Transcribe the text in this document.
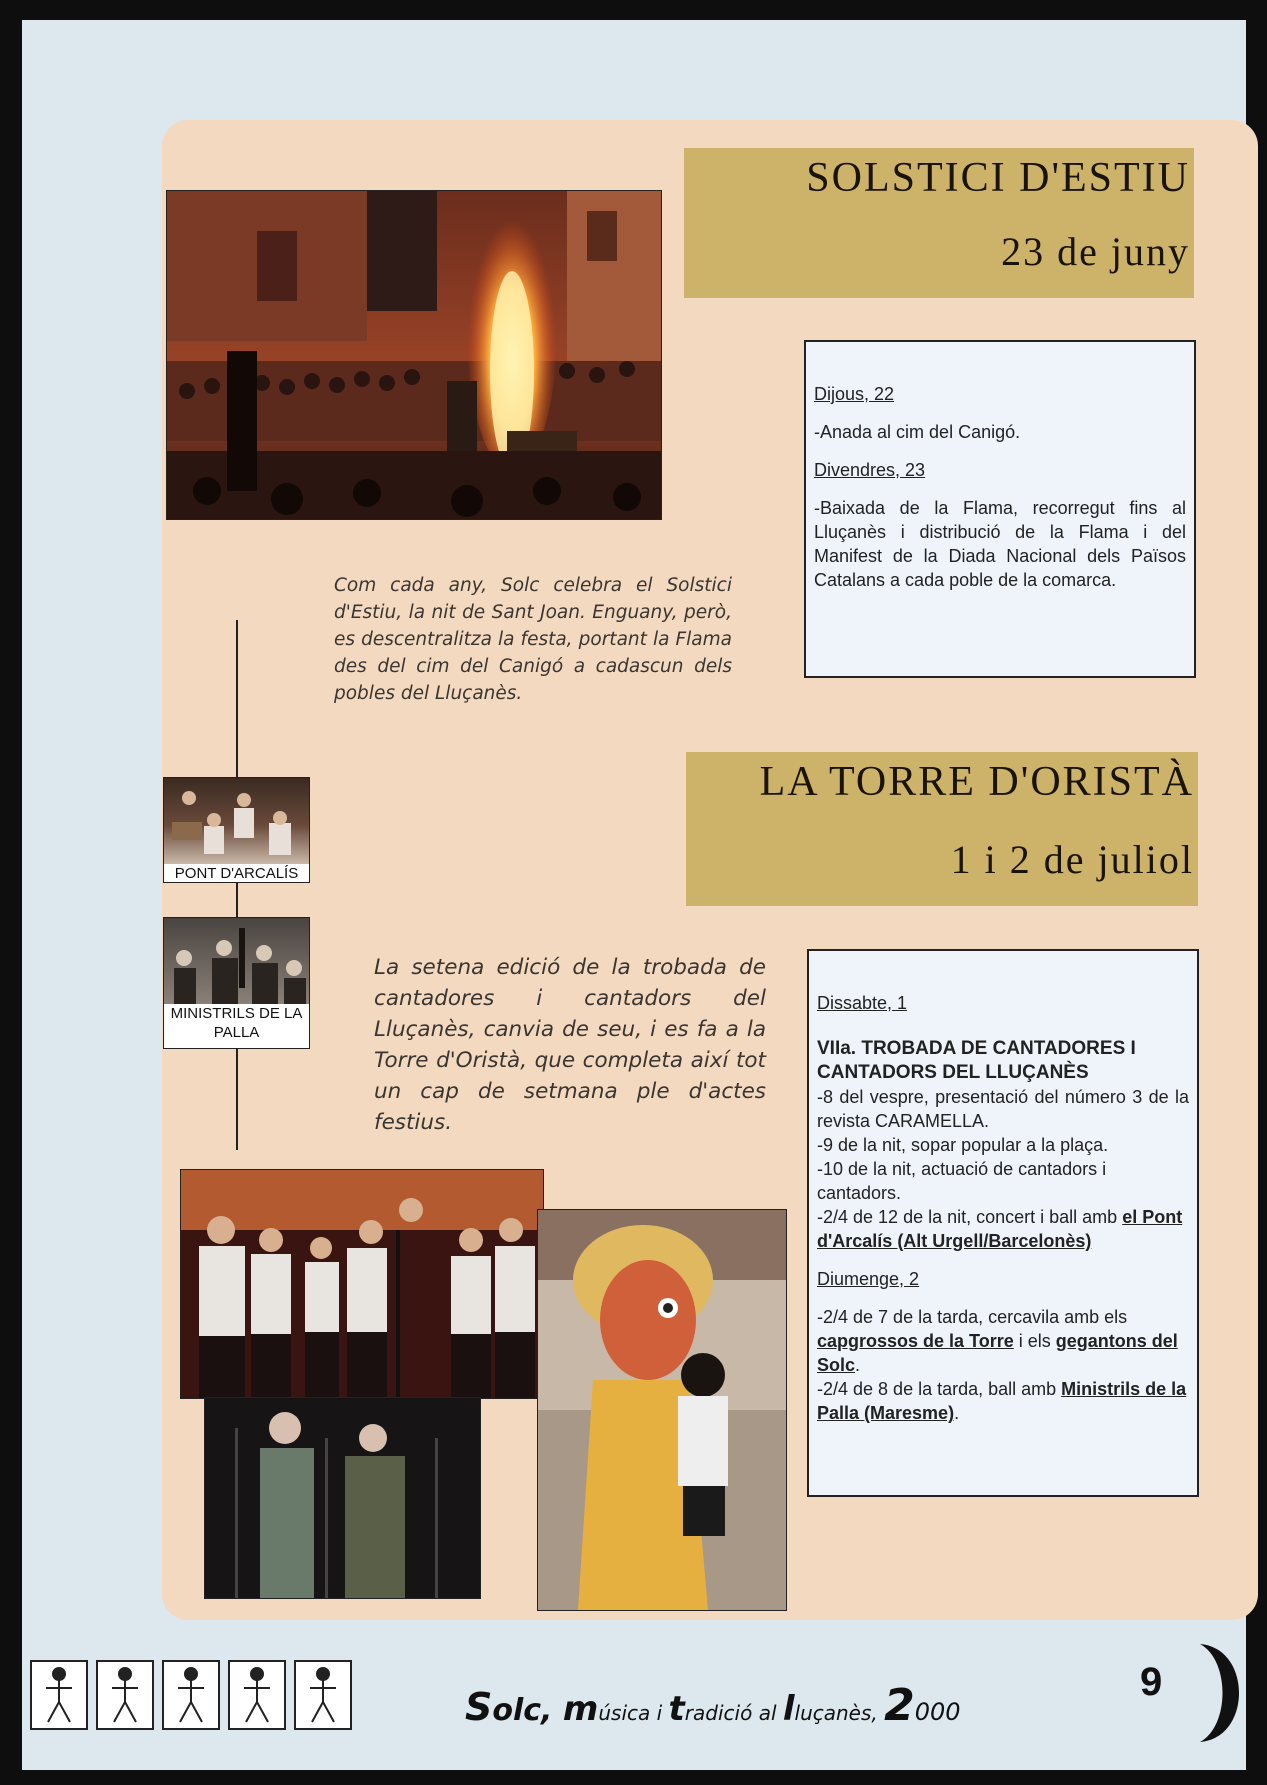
SOLSTICI D'ESTIU
23 de juny

Dijous, 22

-Anada al cim del Canigó.

Divendres, 23

-Baixada de la Flama, recorregut fins al Lluçanès i distribució de la Flama i del Manifest de la Diada Nacional dels Països Catalans a cada poble de la comarca.

Com cada any, Solc celebra el Solstici d'Estiu, la nit de Sant Joan. Enguany, però, es descentralitza la festa, portant la Flama des del cim del Canigó a cadascun dels pobles del Lluçanès.
LA TORRE D'ORISTÀ
1 i 2 de juliol
PONT D'ARCALÍS
MINISTRILS DE LA PALLA
La setena edició de la trobada de cantadores i cantadors del Lluçanès, canvia de seu, i es fa a la Torre d'Oristà, que completa així tot un cap de setmana ple d'actes festius.

Dissabte, 1

VIIa. TROBADA DE CANTADORES I CANTADORS DEL LLUÇANÈS

-8 del vespre, presentació del número 3 de la revista CARAMELLA.

-9 de la nit, sopar popular a la plaça.

-10 de la nit, actuació de cantadors i cantadors.

-2/4 de 12 de la nit, concert i ball amb el Pont d'Arcalís (Alt Urgell/Barcelonès)

Diumenge, 2

-2/4 de 7 de la tarda, cercavila amb els capgrossos de la Torre i els gegantons del Solc.

-2/4 de 8 de la tarda, ball amb Ministrils de la Palla (Maresme).

Solc, música i tradició al lluçanès, 2000
9
